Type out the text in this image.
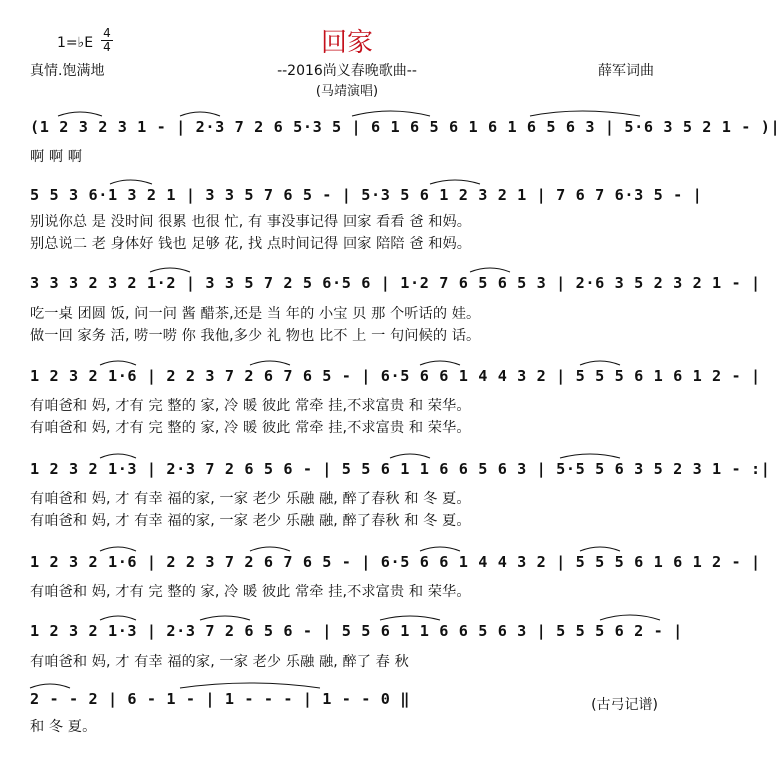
回家
1=♭E
4
4
真情.饱满地	--2016尚义春晚歌曲--	薛军词曲
(马靖演唱)
(1 2 3 2 3 1 - | 2·3 7 2 6 5·3 5 | 6 1 6 5 6 1 6 1 6 5 6 3 | 5·6 3 5 2 1 - )|
啊 啊 啊
5 5 3 6·1 3 2 1 | 3 3 5 7 6 5 - | 5·3 5 6 1 2 3 2 1 | 7 6 7 6·3 5 - |
别说你总 是 没时间 很累 也很 忙, 有 事没事记得 回家 看看 爸 和妈。
别总说二 老 身体好 钱也 足够 花, 找 点时间记得 回家 陪陪 爸 和妈。
3 3 3 2 3 2 1·2 | 3 3 5 7 2 5 6·5 6 | 1·2 7 6 5 6 5 3 | 2·6 3 5 2 3 2 1 - |
吃一桌 团圆 饭, 问一问 酱 醋茶,还是 当 年的 小宝 贝 那 个听话的 娃。
做一回 家务 活, 唠一唠 你 我他,多少 礼 物也 比不 上 一 句问候的 话。
1 2 3 2 1·6 | 2 2 3 7 2 6 7 6 5 - | 6·5 6 6 1 4 4 3 2 | 5 5 5 6 1 6 1 2 - |
有咱爸和 妈, 才有 完 整的 家, 冷 暖 彼此 常牵 挂,不求富贵 和 荣华。
有咱爸和 妈, 才有 完 整的 家, 冷 暖 彼此 常牵 挂,不求富贵 和 荣华。
1 2 3 2 1·3 | 2·3 7 2 6 5 6 - | 5 5 6 1 1 6 6 5 6 3 | 5·5 5 6 3 5 2 3 1 - :|
有咱爸和 妈, 才 有幸 福的家, 一家 老少 乐融 融, 醉了春秋 和 冬 夏。
有咱爸和 妈, 才 有幸 福的家, 一家 老少 乐融 融, 醉了春秋 和 冬 夏。
1 2 3 2 1·6 | 2 2 3 7 2 6 7 6 5 - | 6·5 6 6 1 4 4 3 2 | 5 5 5 6 1 6 1 2 - |
有咱爸和 妈, 才有 完 整的 家, 冷 暖 彼此 常牵 挂,不求富贵 和 荣华。
1 2 3 2 1·3 | 2·3 7 2 6 5 6 - | 5 5 6 1 1 6 6 5 6 3 | 5 5 5 6 2 - |
有咱爸和 妈, 才 有幸 福的家, 一家 老少 乐融 融, 醉了 春 秋
2 - - 2 | 6 - 1 - | 1 - - - | 1 - - 0 ‖
和 冬 夏。
(古弓记谱)
